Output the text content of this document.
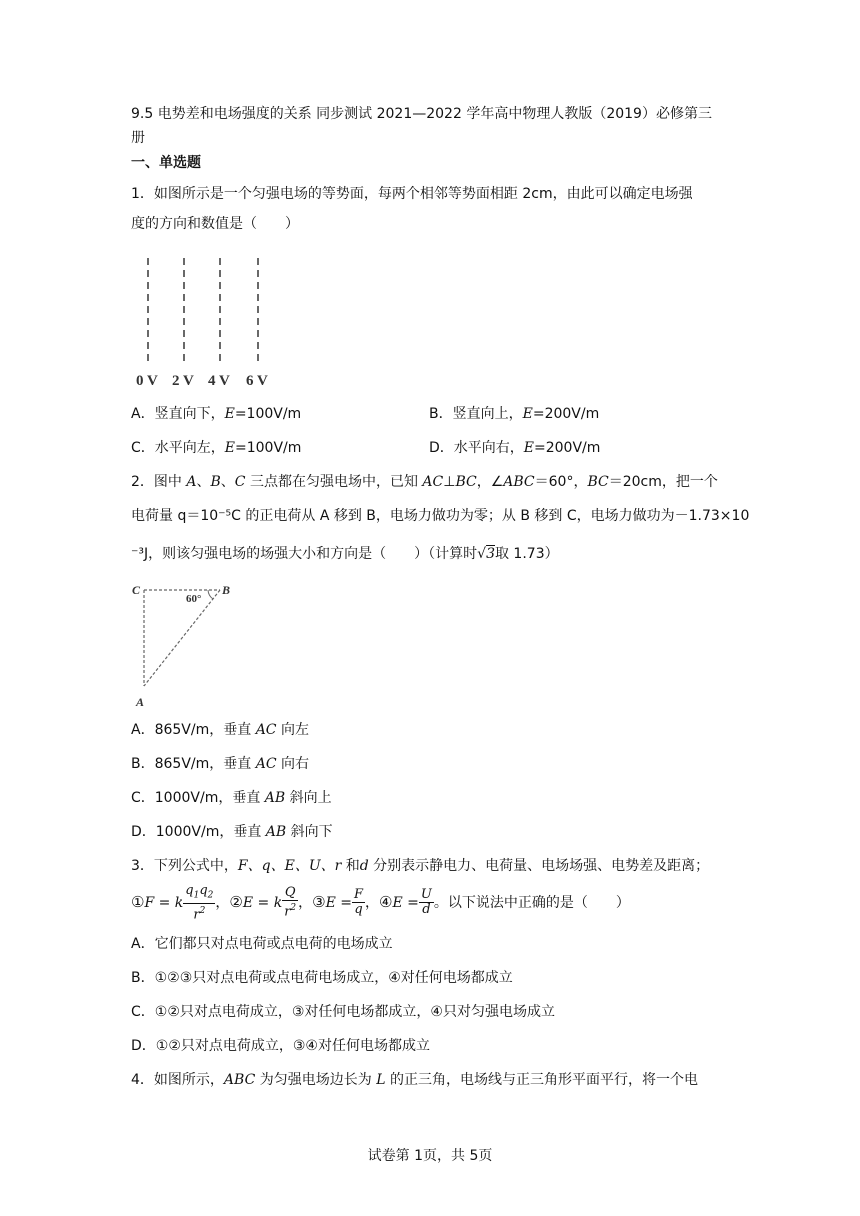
9.5 电势差和电场强度的关系 同步测试 2021—2022 学年高中物理人教版（2019）必修第三
册
一、单选题
1．如图所示是一个匀强电场的等势面，每两个相邻等势面相距 2cm，由此可以确定电场强
度的方向和数值是（　　）
0 V 2 V 4 V 6 V
A．竖直向下，E=100V/m	B．竖直向上，E=200V/m
C．水平向左，E=100V/m	D．水平向右，E=200V/m
2．图中 A、B、C 三点都在匀强电场中，已知 AC⊥BC，∠ABC＝60°，BC＝20cm，把一个
电荷量 q＝10⁻⁵C 的正电荷从 A 移到 B，电场力做功为零；从 B 移到 C，电场力做功为－1.73×10
⁻³J，则该匀强电场的场强大小和方向是（　　）（计算时√3取 1.73）
C	B
A
60°
A．865V/m，垂直 AC 向左
B．865V/m，垂直 AC 向右
C．1000V/m，垂直 AB 斜向上
D．1000V/m，垂直 AB 斜向下
3．下列公式中，F、q、E、U、r 和d 分别表示静电力、电荷量、电场场强、电势差及距离；
①F = k $\frac{q_1q_2}{r^2}$ ，②E = k $\frac{Q}{r^2}$ ，③E = $\frac{F}{q}$ ，④E = $\frac{U}{d}$ 。以下说法中正确的是（　　）
A．它们都只对点电荷或点电荷的电场成立
B．①②③只对点电荷或点电荷电场成立，④对任何电场都成立
C．①②只对点电荷成立，③对任何电场都成立，④只对匀强电场成立
D．①②只对点电荷成立，③④对任何电场都成立
4．如图所示，ABC 为匀强电场边长为 L 的正三角，电场线与正三角形平面平行，将一个电
试卷第 1页，共 5页
